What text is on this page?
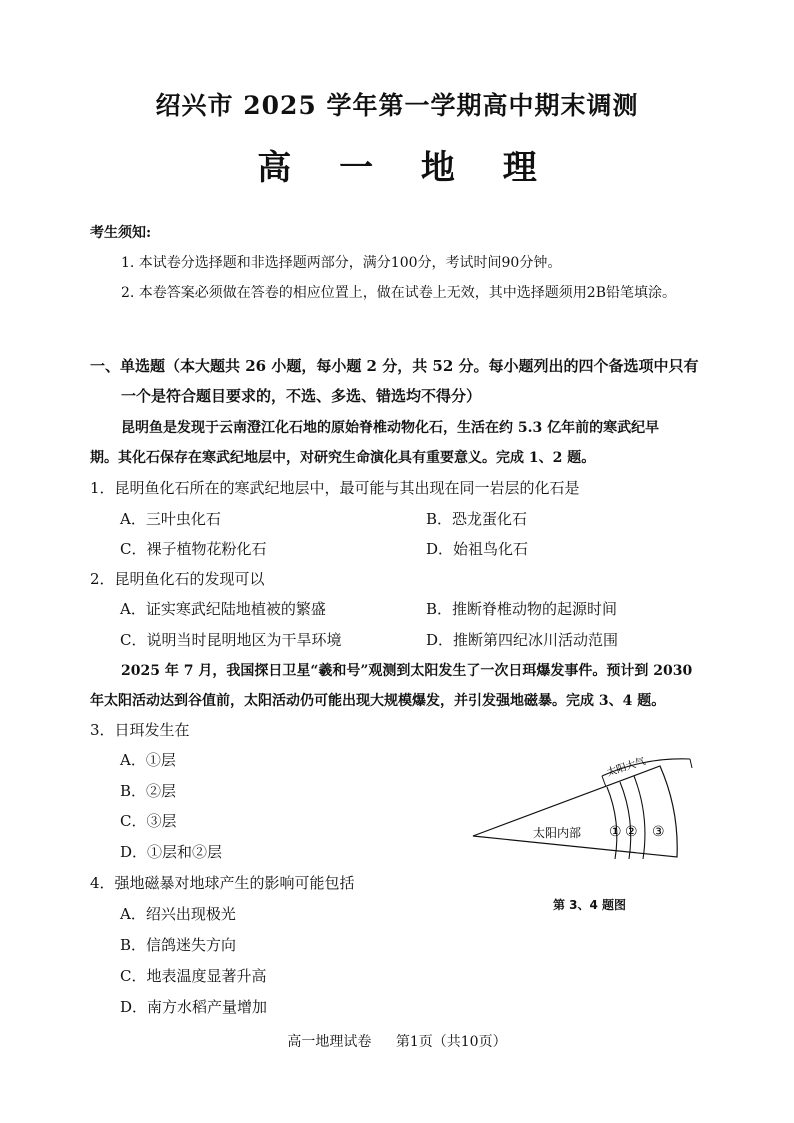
绍兴市 2025 学年第一学期高中期末调测
高 一 地 理
考生须知:
1. 本试卷分选择题和非选择题两部分，满分100分，考试时间90分钟。
2. 本卷答案必须做在答卷的相应位置上，做在试卷上无效，其中选择题须用2B铅笔填涂。
一、单选题（本大题共 26 小题，每小题 2 分，共 52 分。每小题列出的四个备选项中只有
一个是符合题目要求的，不选、多选、错选均不得分）
昆明鱼是发现于云南澄江化石地的原始脊椎动物化石，生活在约 5.3 亿年前的寒武纪早
期。其化石保存在寒武纪地层中，对研究生命演化具有重要意义。完成 1、2 题。
1．昆明鱼化石所在的寒武纪地层中，最可能与其出现在同一岩层的化石是
A．三叶虫化石	B．恐龙蛋化石
C．裸子植物花粉化石	D．始祖鸟化石
2．昆明鱼化石的发现可以
A．证实寒武纪陆地植被的繁盛	B．推断脊椎动物的起源时间
C．说明当时昆明地区为干旱环境	D．推断第四纪冰川活动范围
2025 年 7 月，我国探日卫星“羲和号”观测到太阳发生了一次日珥爆发事件。预计到 2030
年太阳活动达到谷值前，太阳活动仍可能出现大规模爆发，并引发强地磁暴。完成 3、4 题。
3．日珥发生在
A．①层
B．②层
C．③层
D．①层和②层
4．强地磁暴对地球产生的影响可能包括
A．绍兴出现极光
B．信鸽迷失方向
C．地表温度显著升高
D．南方水稻产量增加
太阳内部 ① ② ③
太阳大气
第 3、4 题图
高一地理试卷 第1页（共10页）
